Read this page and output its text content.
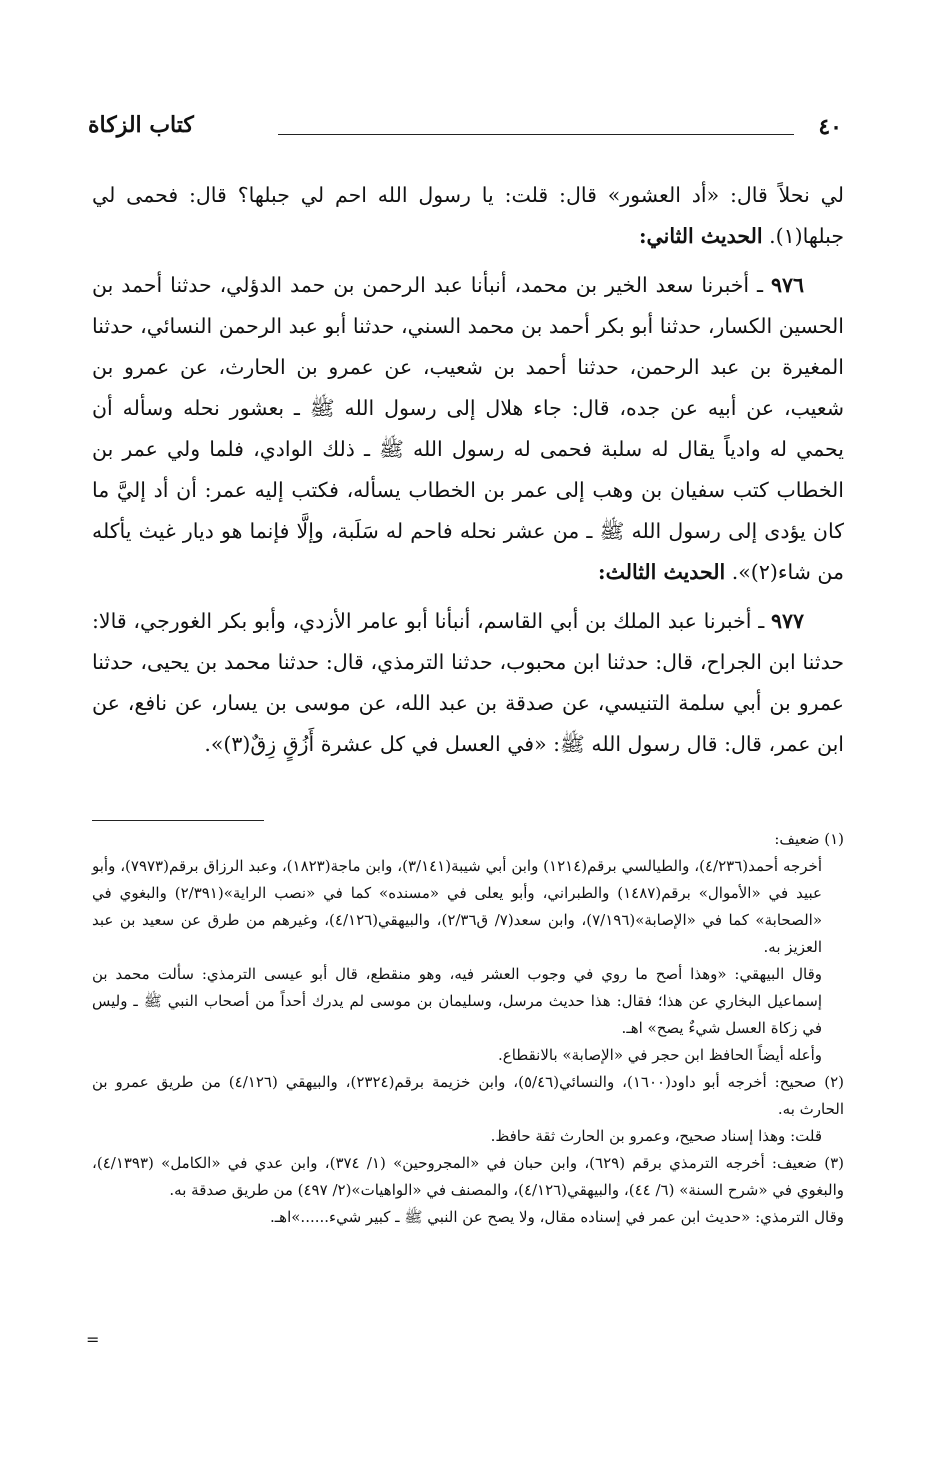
٤٠
كتاب الزكاة

لي نحلاً قال: «أد العشور» قال: قلت: يا رسول الله احم لي جبلها؟ قال: فحمى لي جبلها(١). الحديث الثاني:

٩٧٦ ـ أخبرنا سعد الخير بن محمد، أنبأنا عبد الرحمن بن حمد الدؤلي، حدثنا أحمد بن الحسين الكسار، حدثنا أبو بكر أحمد بن محمد السني، حدثنا أبو عبد الرحمن النسائي، حدثنا المغيرة بن عبد الرحمن، حدثنا أحمد بن شعيب، عن عمرو بن الحارث، عن عمرو بن شعيب، عن أبيه عن جده، قال: جاء هلال إلى رسول الله ﷺ ـ بعشور نحله وسأله أن يحمي له وادياً يقال له سلبة فحمى له رسول الله ﷺ ـ ذلك الوادي، فلما ولي عمر بن الخطاب كتب سفيان بن وهب إلى عمر بن الخطاب يسأله، فكتب إليه عمر: أن أد إليَّ ما كان يؤدى إلى رسول الله ﷺ ـ من عشر نحله فاحم له سَلَبة، وإلَّا فإنما هو ديار غيث يأكله من شاء(٢)». الحديث الثالث:

٩٧٧ ـ أخبرنا عبد الملك بن أبي القاسم، أنبأنا أبو عامر الأزدي، وأبو بكر الغورجي، قالا: حدثنا ابن الجراح، قال: حدثنا ابن محبوب، حدثنا الترمذي، قال: حدثنا محمد بن يحيى، حدثنا عمرو بن أبي سلمة التنيسي، عن صدقة بن عبد الله، عن موسى بن يسار، عن نافع، عن ابن عمر، قال: قال رسول الله ﷺ: «في العسل في كل عشرة أَزُقٍ زِقٌ(٣)».

(١) ضعيف:

أخرجه أحمد(٤/٢٣٦)، والطيالسي برقم(١٢١٤) وابن أبي شيبة(٣/١٤١)، وابن ماجة(١٨٢٣)، وعبد الرزاق برقم(٧٩٧٣)، وأبو عبيد في «الأموال» برقم(١٤٨٧) والطبراني، وأبو يعلى في «مسنده» كما في «نصب الراية»(٢/٣٩١) والبغوي في «الصحابة» كما في «الإصابة»(٧/١٩٦)، وابن سعد(٧/ ق٢/٣٦)، والبيهقي(٤/١٢٦)، وغيرهم من طرق عن سعيد بن عبد العزيز به.

وقال البيهقي: «وهذا أصح ما روي في وجوب العشر فيه، وهو منقطع، قال أبو عيسى الترمذي: سألت محمد بن إسماعيل البخاري عن هذا؛ فقال: هذا حديث مرسل، وسليمان بن موسى لم يدرك أحداً من أصحاب النبي ﷺ ـ وليس في زكاة العسل شيءٌ يصح» اهـ.

وأعله أيضاً الحافظ ابن حجر في «الإصابة» بالانقطاع.

(٢) صحيح: أخرجه أبو داود(١٦٠٠)، والنسائي(٥/٤٦)، وابن خزيمة برقم(٢٣٢٤)، والبيهقي (٤/١٢٦) من طريق عمرو بن الحارث به.

قلت: وهذا إسناد صحيح، وعمرو بن الحارث ثقة حافظ.

(٣) ضعيف: أخرجه الترمذي برقم (٦٢٩)، وابن حبان في «المجروحين» (١/ ٣٧٤)، وابن عدي في «الكامل» (٤/١٣٩٣)، والبغوي في «شرح السنة» (٦/ ٤٤)، والبيهقي(٤/١٢٦)، والمصنف في «الواهيات»(٢/ ٤٩٧) من طريق صدقة به.

وقال الترمذي: «حديث ابن عمر في إسناده مقال، ولا يصح عن النبي ﷺ ـ كبير شيء......»اهـ.

=
